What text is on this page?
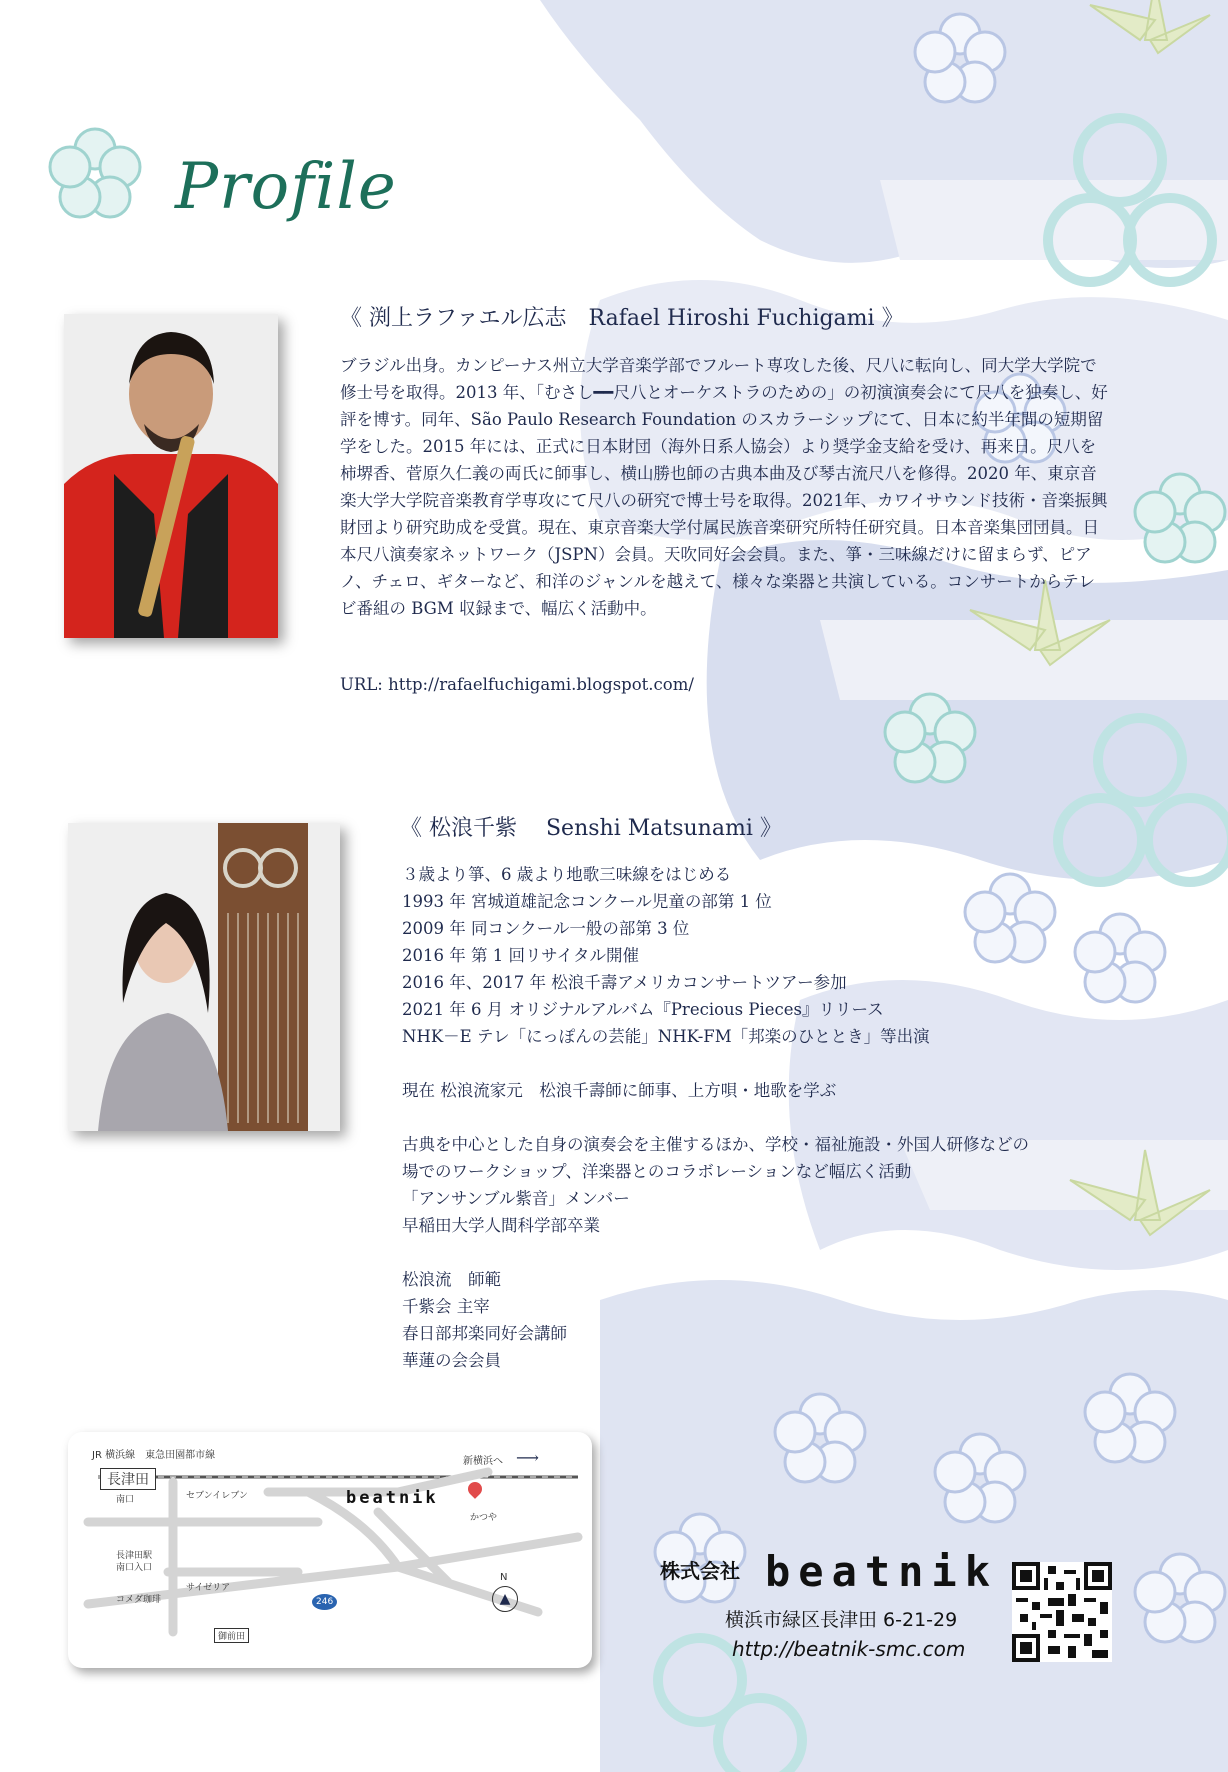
Profile
《 渕上ラファエル広志　Rafael Hiroshi Fuchigami 》

ブラジル出身。カンピーナス州立大学音楽学部でフルート専攻した後、尺八に転向し、同大学大学院で修士号を取得。2013 年、「むさし━━尺八とオーケストラのための」の初演演奏会にて尺八を独奏し、好評を博す。同年、São Paulo Research Foundation のスカラーシップにて、日本に約半年間の短期留学をした。2015 年には、正式に日本財団（海外日系人協会）より奨学金支給を受け、再来日。尺八を柿堺香、菅原久仁義の両氏に師事し、横山勝也師の古典本曲及び琴古流尺八を修得。2020 年、東京音楽大学大学院音楽教育学専攻にて尺八の研究で博士号を取得。2021年、カワイサウンド技術・音楽振興財団より研究助成を受賞。現在、東京音楽大学付属民族音楽研究所特任研究員。日本音楽集団団員。日本尺八演奏家ネットワーク（JSPN）会員。天吹同好会会員。また、箏・三味線だけに留まらず、ピアノ、チェロ、ギターなど、和洋のジャンルを越えて、様々な楽器と共演している。コンサートからテレビ番組の BGM 収録まで、幅広く活動中。

URL: http://rafaelfuchigami.blogspot.com/
《 松浪千紫　 Senshi Matsunami 》
３歳より箏、6 歳より地歌三味線をはじめる
1993 年 宮城道雄記念コンクール児童の部第 1 位
2009 年 同コンクール一般の部第 3 位
2016 年 第 1 回リサイタル開催
2016 年、2017 年 松浪千壽アメリカコンサートツアー参加
2021 年 6 月 オリジナルアルバム『Precious Pieces』リリース
NHK－E テレ「にっぽんの芸能」NHK-FM「邦楽のひととき」等出演
現在 松浪流家元　松浪千壽師に師事、上方唄・地歌を学ぶ
古典を中心とした自身の演奏会を主催するほか、学校・福祉施設・外国人研修などの
場でのワークショップ、洋楽器とのコラボレーションなど幅広く活動
「アンサンブル紫音」メンバー
早稲田大学人間科学部卒業
松浪流　師範
千紫会 主宰
春日部邦楽同好会講師
華蓮の会会員
JR 横浜線　東急田園都市線
新横浜へ ⟶
長津田
南口	セブンイレブン	beatnik
かつや
長津田駅
南口入口
サイゼリア
コメダ珈琲
御前田
246
N
▲
株式会社 beatnik
横浜市緑区長津田 6-21-29
http://beatnik-smc.com
